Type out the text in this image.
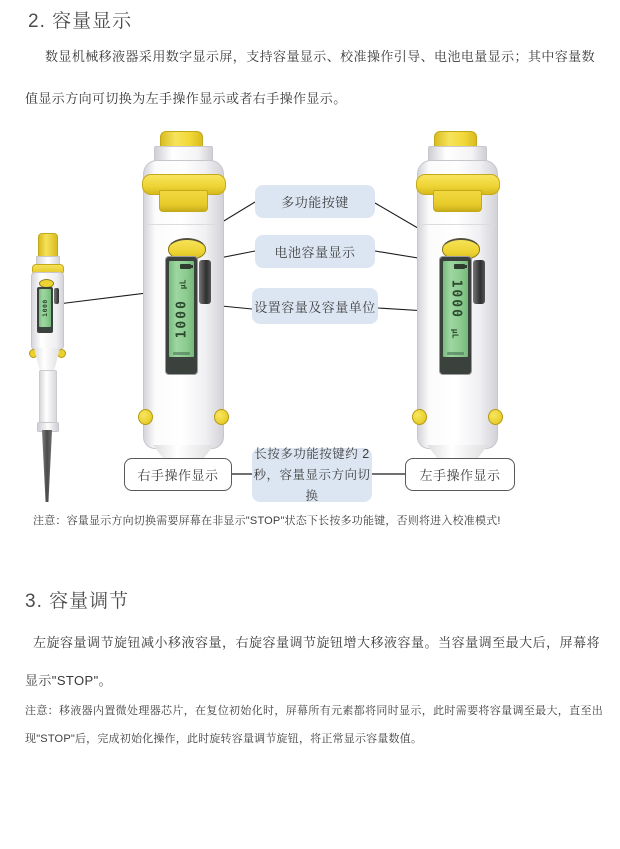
2. 容量显示
数显机械移液器采用数字显示屏，支持容量显示、校准操作引导、电池电量显示；其中容量数值显示方向可切换为左手操作显示或者右手操作显示。
1000	1000 μL	1000 μL
多功能按键
电池容量显示
设置容量及容量单位
长按多功能按键约 2
秒，容量显示方向切换
右手操作显示	左手操作显示
注意：容量显示方向切换需要屏幕在非显示"STOP"状态下长按多功能键，否则将进入校准模式!
3. 容量调节
左旋容量调节旋钮减小移液容量，右旋容量调节旋钮增大移液容量。当容量调至最大后，屏幕将显示"STOP"。
注意：移液器内置微处理器芯片，在复位初始化时，屏幕所有元素都将同时显示，此时需要将容量调至最大，直至出现"STOP"后，完成初始化操作，此时旋转容量调节旋钮，将正常显示容量数值。
